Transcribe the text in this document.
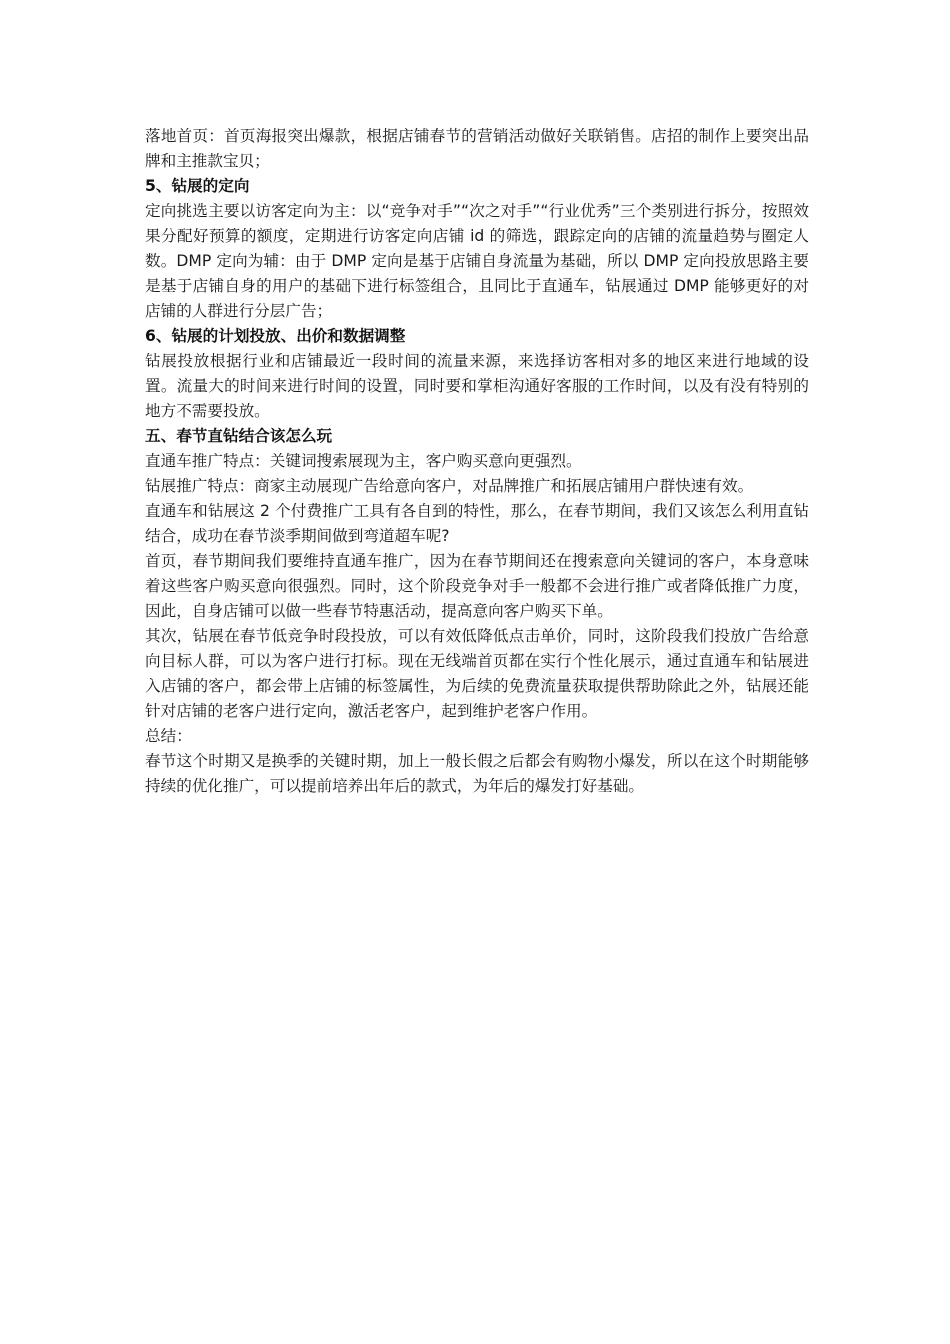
落地首页：首页海报突出爆款，根据店铺春节的营销活动做好关联销售。店招的制作上要突出品牌和主推款宝贝；

5、钻展的定向

定向挑选主要以访客定向为主：以“竞争对手”“次之对手”“行业优秀”三个类别进行拆分，按照效果分配好预算的额度，定期进行访客定向店铺 id 的筛选，跟踪定向的店铺的流量趋势与圈定人数。DMP 定向为辅：由于 DMP 定向是基于店铺自身流量为基础，所以 DMP 定向投放思路主要是基于店铺自身的用户的基础下进行标签组合，且同比于直通车，钻展通过 DMP 能够更好的对店铺的人群进行分层广告；

6、钻展的计划投放、出价和数据调整

钻展投放根据行业和店铺最近一段时间的流量来源，来选择访客相对多的地区来进行地域的设置。流量大的时间来进行时间的设置，同时要和掌柜沟通好客服的工作时间，以及有没有特别的地方不需要投放。

五、春节直钻结合该怎么玩

直通车推广特点：关键词搜索展现为主，客户购买意向更强烈。

钻展推广特点：商家主动展现广告给意向客户，对品牌推广和拓展店铺用户群快速有效。

直通车和钻展这 2 个付费推广工具有各自到的特性，那么，在春节期间，我们又该怎么利用直钻结合，成功在春节淡季期间做到弯道超车呢?

首页，春节期间我们要维持直通车推广，因为在春节期间还在搜索意向关键词的客户，本身意味着这些客户购买意向很强烈。同时，这个阶段竞争对手一般都不会进行推广或者降低推广力度，因此，自身店铺可以做一些春节特惠活动，提高意向客户购买下单。

其次，钻展在春节低竞争时段投放，可以有效低降低点击单价，同时，这阶段我们投放广告给意向目标人群，可以为客户进行打标。现在无线端首页都在实行个性化展示，通过直通车和钻展进入店铺的客户，都会带上店铺的标签属性，为后续的免费流量获取提供帮助除此之外，钻展还能针对店铺的老客户进行定向，激活老客户，起到维护老客户作用。

总结：

春节这个时期又是换季的关键时期，加上一般长假之后都会有购物小爆发，所以在这个时期能够持续的优化推广，可以提前培养出年后的款式，为年后的爆发打好基础。
